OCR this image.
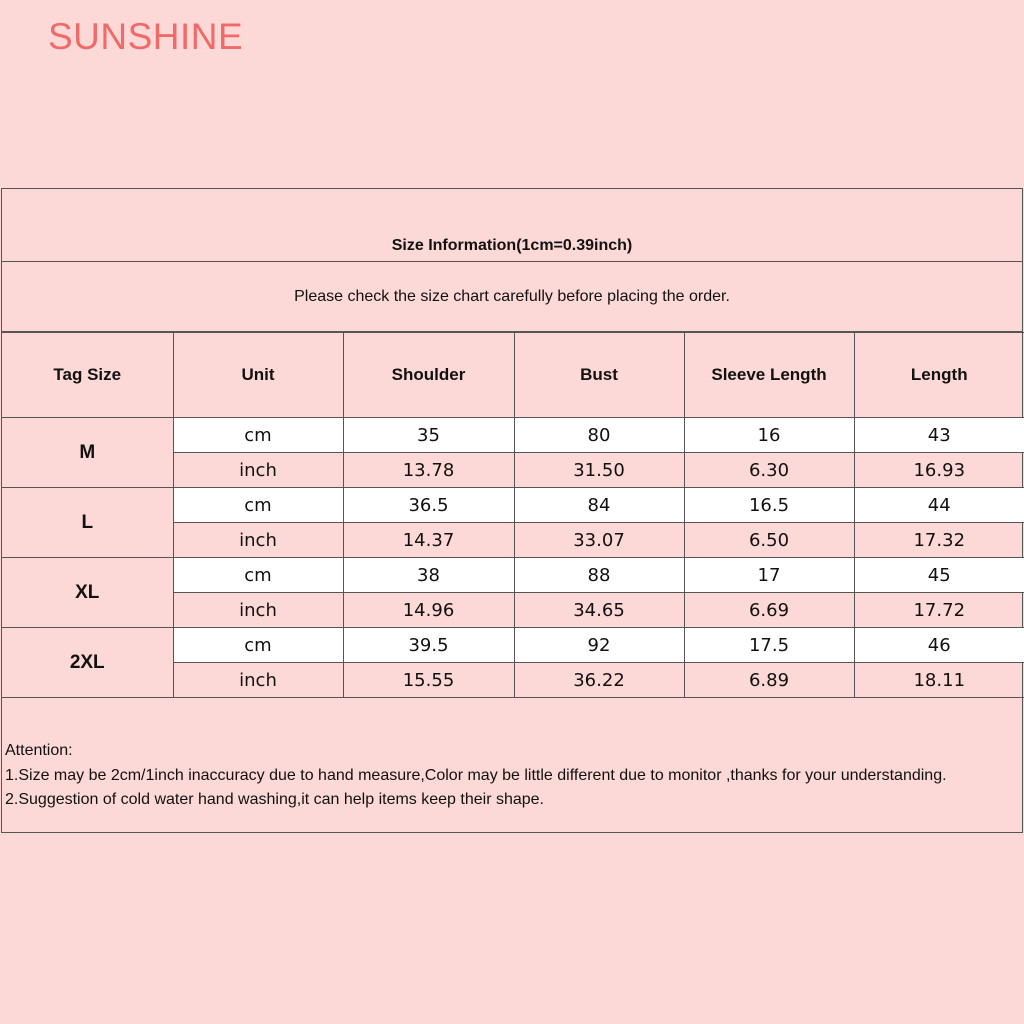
SUNSHINE
Size Information(1cm=0.39inch)
Please check the size chart carefully before placing the order.
Tag Size	Unit	Shoulder	Bust	Sleeve Length	Length
M	cm	35	80	16	43
	inch	13.78	31.50	6.30	16.93
L	cm	36.5	84	16.5	44
	inch	14.37	33.07	6.50	17.32
XL	cm	38	88	17	45
	inch	14.96	34.65	6.69	17.72
2XL	cm	39.5	92	17.5	46
	inch	15.55	36.22	6.89	18.11
Attention:
1.Size may be 2cm/1inch inaccuracy due to hand measure,Color may be little different due to monitor ,thanks for your understanding.
2.Suggestion of cold water hand washing,it can help items keep their shape.
